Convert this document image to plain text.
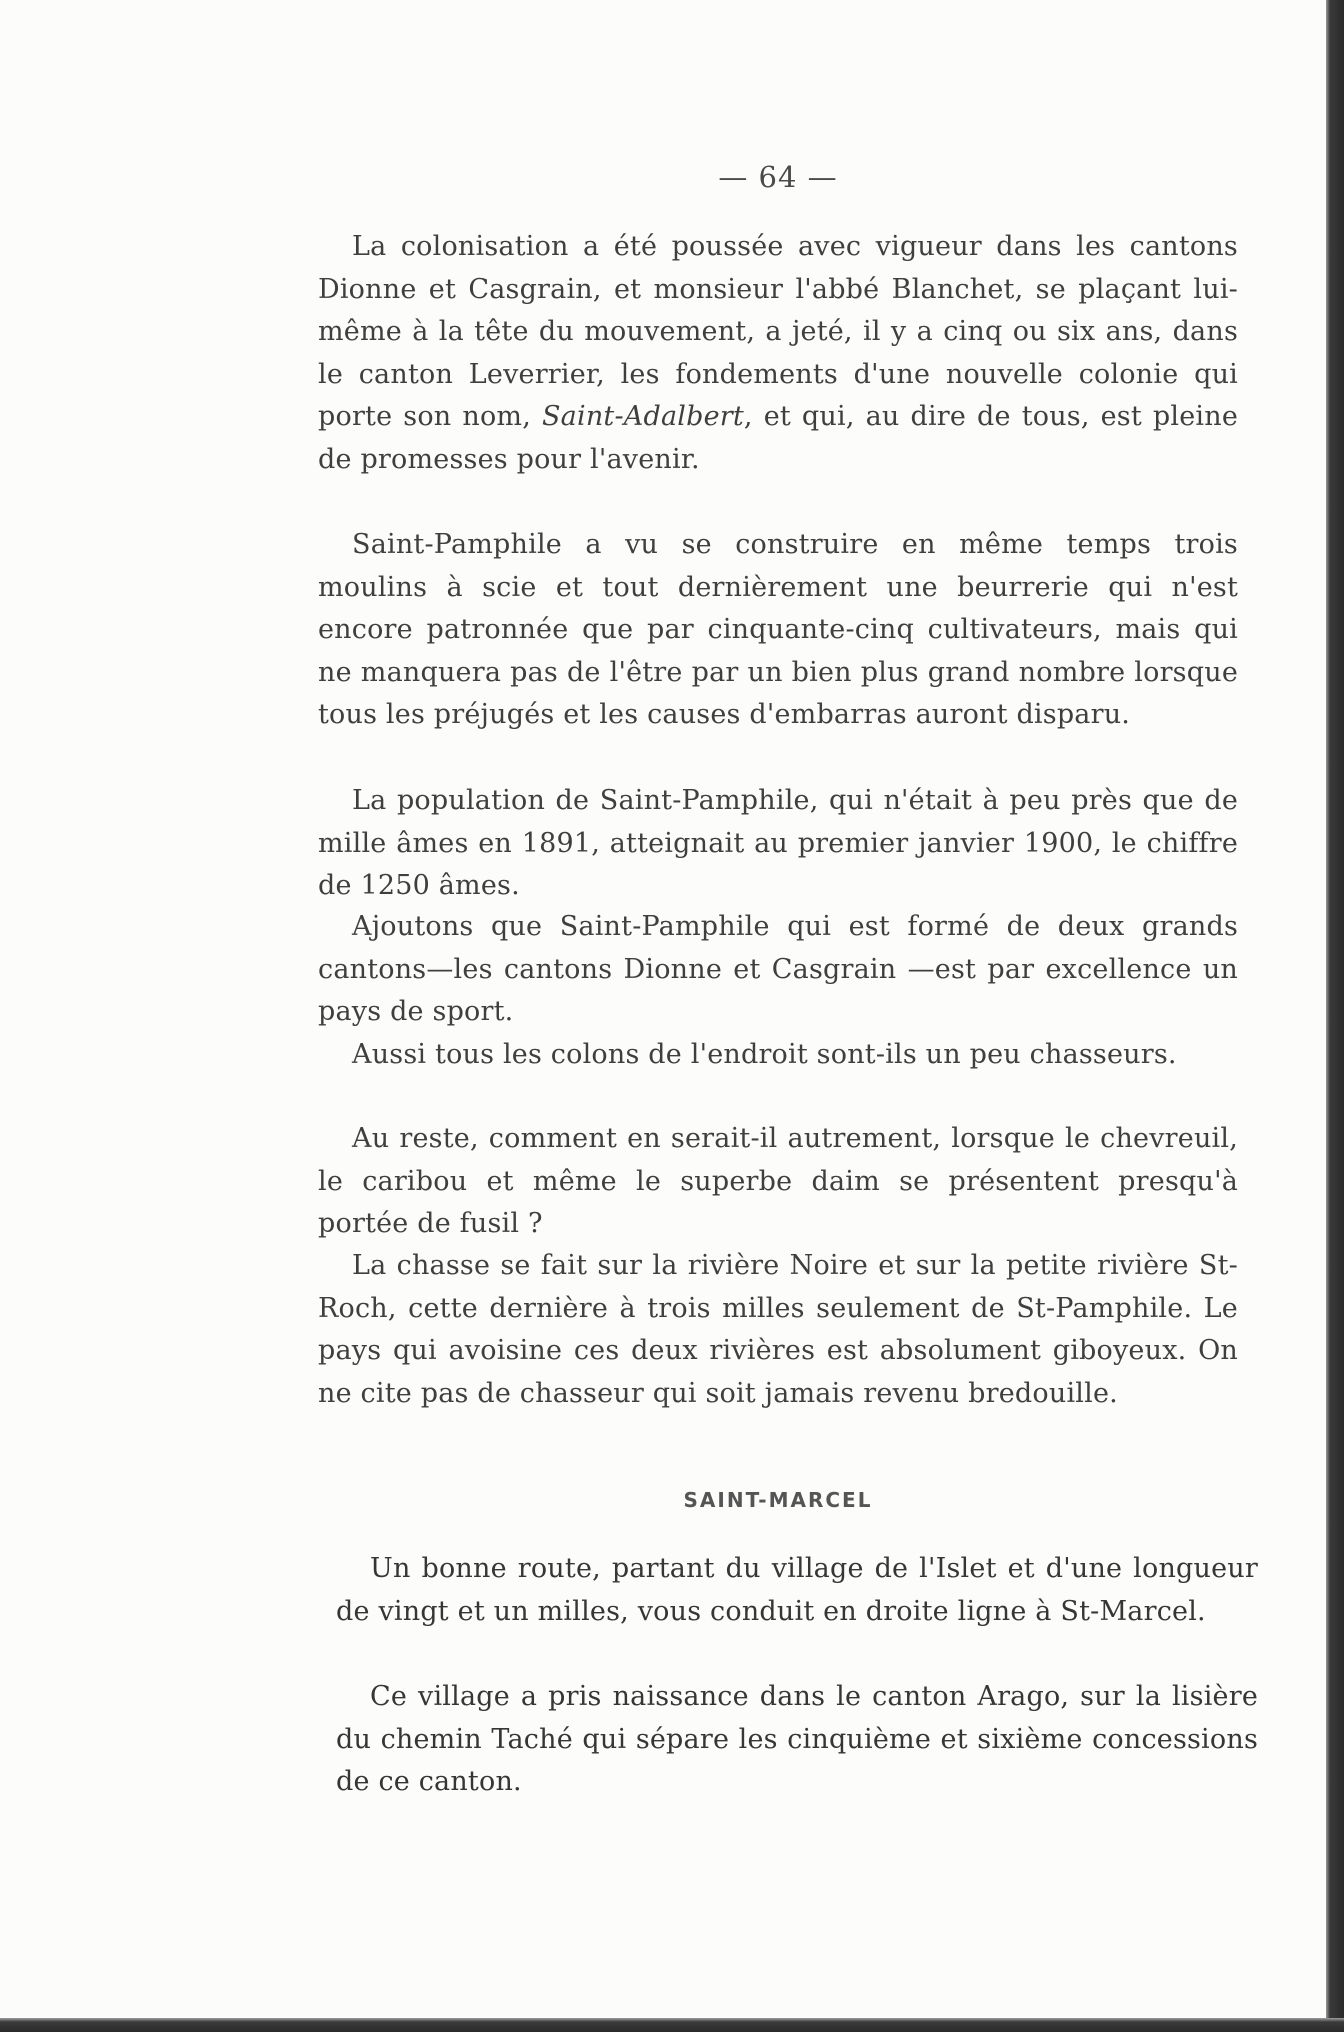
— 64 —

La colonisation a été poussée avec vigueur dans les cantons Dionne et Casgrain, et monsieur l'abbé Blanchet, se plaçant lui-même à la tête du mouvement, a jeté, il y a cinq ou six ans, dans le canton Leverrier, les fondements d'une nouvelle colonie qui porte son nom, Saint-Adalbert, et qui, au dire de tous, est pleine de promesses pour l'avenir.

Saint-Pamphile a vu se construire en même temps trois moulins à scie et tout dernièrement une beurrerie qui n'est encore patronnée que par cinquante-cinq cultivateurs, mais qui ne manquera pas de l'être par un bien plus grand nombre lorsque tous les préjugés et les causes d'embarras auront disparu.

La population de Saint-Pamphile, qui n'était à peu près que de mille âmes en 1891, atteignait au premier janvier 1900, le chiffre de 1250 âmes.

Ajoutons que Saint-Pamphile qui est formé de deux grands cantons—les cantons Dionne et Casgrain —est par excellence un pays de sport.

Aussi tous les colons de l'endroit sont-ils un peu chasseurs.

Au reste, comment en serait-il autrement, lorsque le chevreuil, le caribou et même le superbe daim se présentent presqu'à portée de fusil ?

La chasse se fait sur la rivière Noire et sur la petite rivière St-Roch, cette dernière à trois milles seulement de St-Pamphile. Le pays qui avoisine ces deux rivières est absolument giboyeux. On ne cite pas de chasseur qui soit jamais revenu bredouille.

SAINT-MARCEL

Un bonne route, partant du village de l'Islet et d'une longueur de vingt et un milles, vous conduit en droite ligne à St-Marcel.

Ce village a pris naissance dans le canton Arago, sur la lisière du chemin Taché qui sépare les cinquième et sixième concessions de ce canton.
